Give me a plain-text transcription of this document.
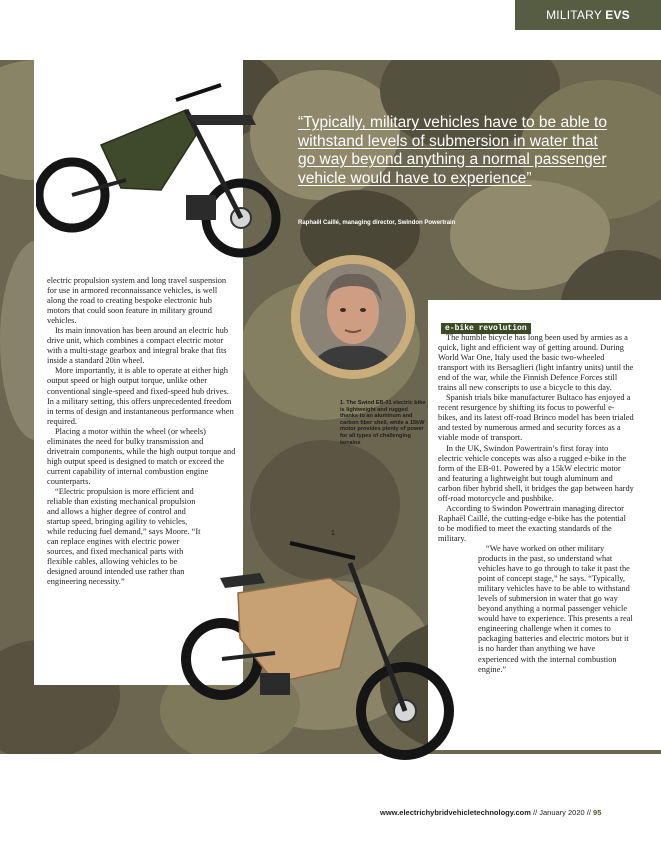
MILITARY EVS
“Typically, military vehicles have to be able to withstand levels of submersion in water that go way beyond anything a normal passenger vehicle would have to experience”
Raphaël Caillé, managing director, Swindon Powertrain
1. The Swind EB-01 electric bike is lightweight and rugged thanks to an aluminum and carbon fiber shell, while a 15kW motor provides plenty of power for all types of challenging terrains
1

electric propulsion system and long travel suspension for use in armored reconnaissance vehicles, is well along the road to creating bespoke electronic hub motors that could soon feature in military ground vehicles.

Its main innovation has been around an electric hub drive unit, which combines a compact electric motor with a multi-stage gearbox and integral brake that fits inside a standard 20in wheel.

More importantly, it is able to operate at either high output speed or high output torque, unlike other conventional single-speed and fixed-speed hub drives. In a military setting, this offers unprecedented freedom in terms of design and instantaneous performance when required.

Placing a motor within the wheel (or wheels) eliminates the need for bulky transmission and drivetrain components, while the high output torque and high output speed is designed to match or exceed the current capability of internal combustion engine counterparts.

“Electric propulsion is more efficient and reliable than existing mechanical propulsion and allows a higher degree of control and startup speed, bringing agility to vehicles, while reducing fuel demand,” says Moore. “It can replace engines with electric power sources, and fixed mechanical parts with flexible cables, allowing vehicles to be designed around intended use rather than engineering necessity.”

e-bike revolution

The humble bicycle has long been used by armies as a quick, light and efficient way of getting around. During World War One, Italy used the basic two-wheeled transport with its Bersaglieri (light infantry units) until the end of the war, while the Finnish Defence Forces still trains all new conscripts to use a bicycle to this day.

Spanish trials bike manufacturer Bultaco has enjoyed a recent resurgence by shifting its focus to powerful e-bikes, and its latest off-road Brinco model has been trialed and tested by numerous armed and security forces as a viable mode of transport.

In the UK, Swindon Powertrain’s first foray into electric vehicle concepts was also a rugged e-bike in the form of the EB-01. Powered by a 15kW electric motor and featuring a lightweight but tough aluminum and carbon fiber hybrid shell, it bridges the gap between hardy off-road motorcycle and pushbike.

According to Swindon Powertrain managing director Raphaël Caillé, the cutting-edge e-bike has the potential to be modified to meet the exacting standards of the military.

“We have worked on other military products in the past, so understand what vehicles have to go through to take it past the point of concept stage,” he says. “Typically, military vehicles have to be able to withstand levels of submersion in water that go way beyond anything a normal passenger vehicle would have to experience. This presents a real engineering challenge when it comes to packaging batteries and electric motors but it is no harder than anything we have experienced with the internal combustion engine.”

www.electrichybridvehicletechnology.com // January 2020 // 95
